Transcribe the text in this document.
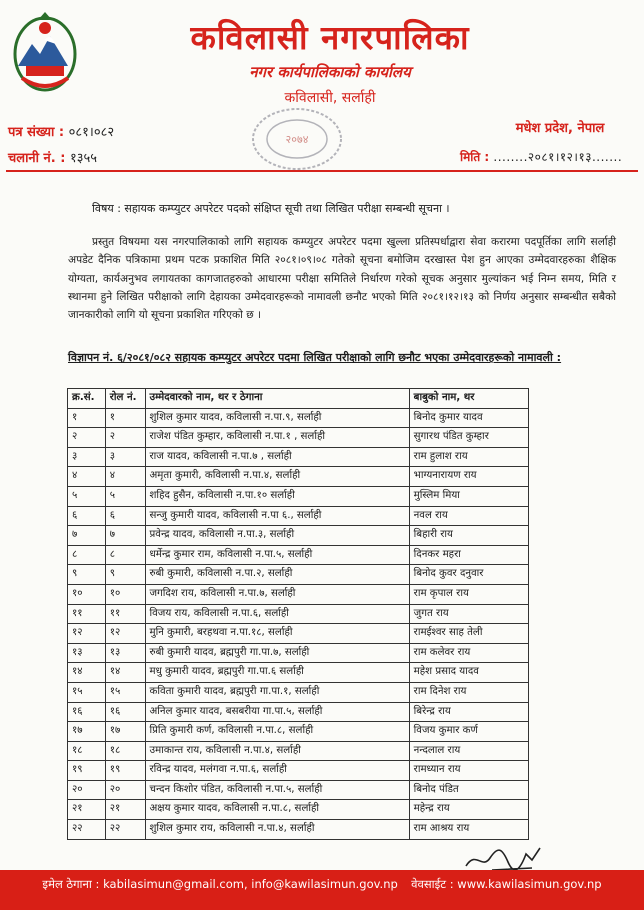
कविलासी नगरपालिका
नगर कार्यपालिकाको कार्यालय
कविलासी, सर्लाही
मधेश प्रदेश, नेपाल
पत्र संख्या : ०८१।०८२
चलानी नं. : १३५५	मिति : ........२०८१।१२।१३.......
२०७४
विषय : सहायक कम्प्युटर अपरेटर पदको संक्षिप्त सूची तथा लिखित परीक्षा सम्बन्धी सूचना ।
प्रस्तुत विषयमा यस नगरपालिकाको लागि सहायक कम्प्युटर अपरेटर पदमा खुल्ला प्रतिस्पर्धाद्वारा सेवा करारमा पदपूर्तिका लागि सर्लाही अपडेट दैनिक पत्रिकामा प्रथम पटक प्रकाशित मिति २०८१।०९।०८ गतेको सूचना बमोजिम दरखास्त पेश हुन आएका उम्मेदवारहरुका शैक्षिक योग्यता, कार्यअनुभव लगायतका कागजातहरुको आधारमा परीक्षा समितिले निर्धारण गरेको सूचक अनुसार मुल्यांकन भई निम्न समय, मिति र स्थानमा हुने लिखित परीक्षाको लागि देहायका उम्मेदवारहरूको नामावली छनौट भएको मिति २०८१।१२।१३ को निर्णय अनुसार सम्बन्धीत सबैको जानकारीको लागि यो सूचना प्रकाशित गरिएको छ ।
विज्ञापन नं. ६/२०८१/०८२ सहायक कम्प्युटर अपरेटर पदमा लिखित परीक्षाको लागि छनौट भएका उम्मेदवारहरूको नामावली :
क्र.सं.	रोल नं.	उम्मेदवारको नाम, थर र ठेगाना	बाबुको नाम, थर
१	१	शुशिल कुमार यादव, कविलासी न.पा.९, सर्लाही	बिनोद कुमार यादव
२	२	राजेश पंडित कुम्हार, कविलासी न.पा.१ , सर्लाही	सुगारथ पंडित कुम्हार
३	३	राज यादव, कविलासी न.पा.७ , सर्लाही	राम हुलाश राय
४	४	अमृता कुमारी, कविलासी न.पा.४, सर्लाही	भाग्यनारायण राय
५	५	शहिद हुसैन, कविलासी न.पा.१० सर्लाही	मुस्लिम मिया
६	६	सन्जु कुमारी यादव, कविलासी न.पा ६., सर्लाही	नवल राय
७	७	प्रवेन्द्र यादव, कविलासी न.पा.३, सर्लाही	बिहारी राय
८	८	धर्मेन्द्र कुमार राम, कविलासी न.पा.५, सर्लाही	दिनकर महरा
९	९	रुबी कुमारी, कविलासी न.पा.२, सर्लाही	बिनोद कुवर दनुवार
१०	१०	जगदिश राय, कविलासी न.पा.७, सर्लाही	राम कृपाल राय
११	११	विजय राय, कविलासी न.पा.६, सर्लाही	जुगत राय
१२	१२	मुनि कुमारी, बरहथवा न.पा.१८, सर्लाही	रामईश्वर साह तेली
१३	१३	रुबी कुमारी यादव, ब्रह्मपुरी गा.पा.७, सर्लाही	राम कलेवर राय
१४	१४	मधु कुमारी यादव, ब्रह्मपुरी गा.पा.६ सर्लाही	महेश प्रसाद यादव
१५	१५	कविता कुमारी यादव, ब्रह्मपुरी गा.पा.१, सर्लाही	राम दिनेश राय
१६	१६	अनिल कुमार यादव, बसबरीया गा.पा.५, सर्लाही	बिरेन्द्र राय
१७	१७	प्रिति कुमारी कर्ण, कविलासी न.पा.८, सर्लाही	विजय कुमार कर्ण
१८	१८	उमाकान्त राय, कविलासी न.पा.४, सर्लाही	नन्दलाल राय
१९	१९	रविन्द्र यादव, मलंगवा न.पा.६, सर्लाही	रामध्यान राय
२०	२०	चन्दन किशोर पंडित, कविलासी न.पा.५, सर्लाही	बिनोद पंडित
२१	२१	अक्षय कुमार यादव, कविलासी न.पा.८, सर्लाही	महेन्द्र राय
२२	२२	शुशिल कुमार राय, कविलासी न.पा.४, सर्लाही	राम आश्रय राय
इमेल ठेगाना : kabilasimun@gmail.com, info@kawilasimun.gov.np वेवसाईट : www.kawilasimun.gov.np
